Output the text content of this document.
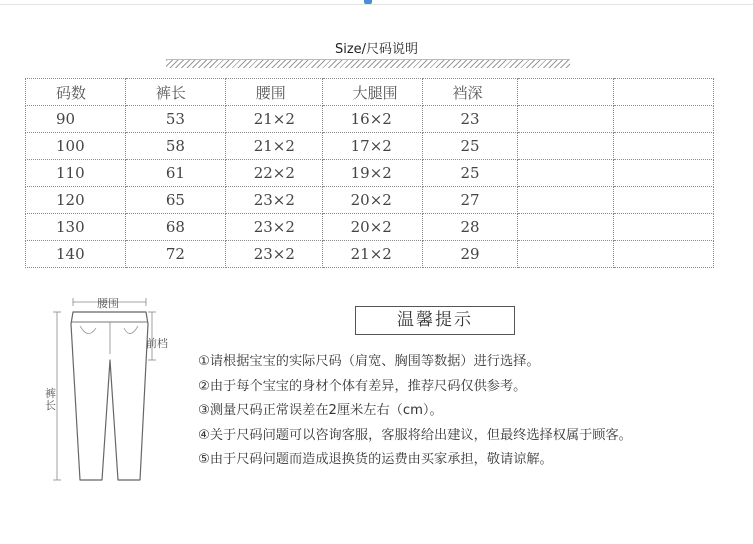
Size/尺码说明
码数	裤长	腰围	大腿围	裆深		
90	53	21×2	16×2	23		
100	58	21×2	17×2	25		
110	61	22×2	19×2	25		
120	65	23×2	20×2	27		
130	68	23×2	20×2	28		
140	72	23×2	21×2	29		
腰围
前档
裤长
温馨提示
①请根据宝宝的实际尺码（肩宽、胸围等数据）进行选择。
②由于每个宝宝的身材个体有差异，推荐尺码仅供参考。
③测量尺码正常误差在2厘米左右（cm）。
④关于尺码问题可以咨询客服，客服将给出建议，但最终选择权属于顾客。
⑤由于尺码问题而造成退换货的运费由买家承担，敬请谅解。
